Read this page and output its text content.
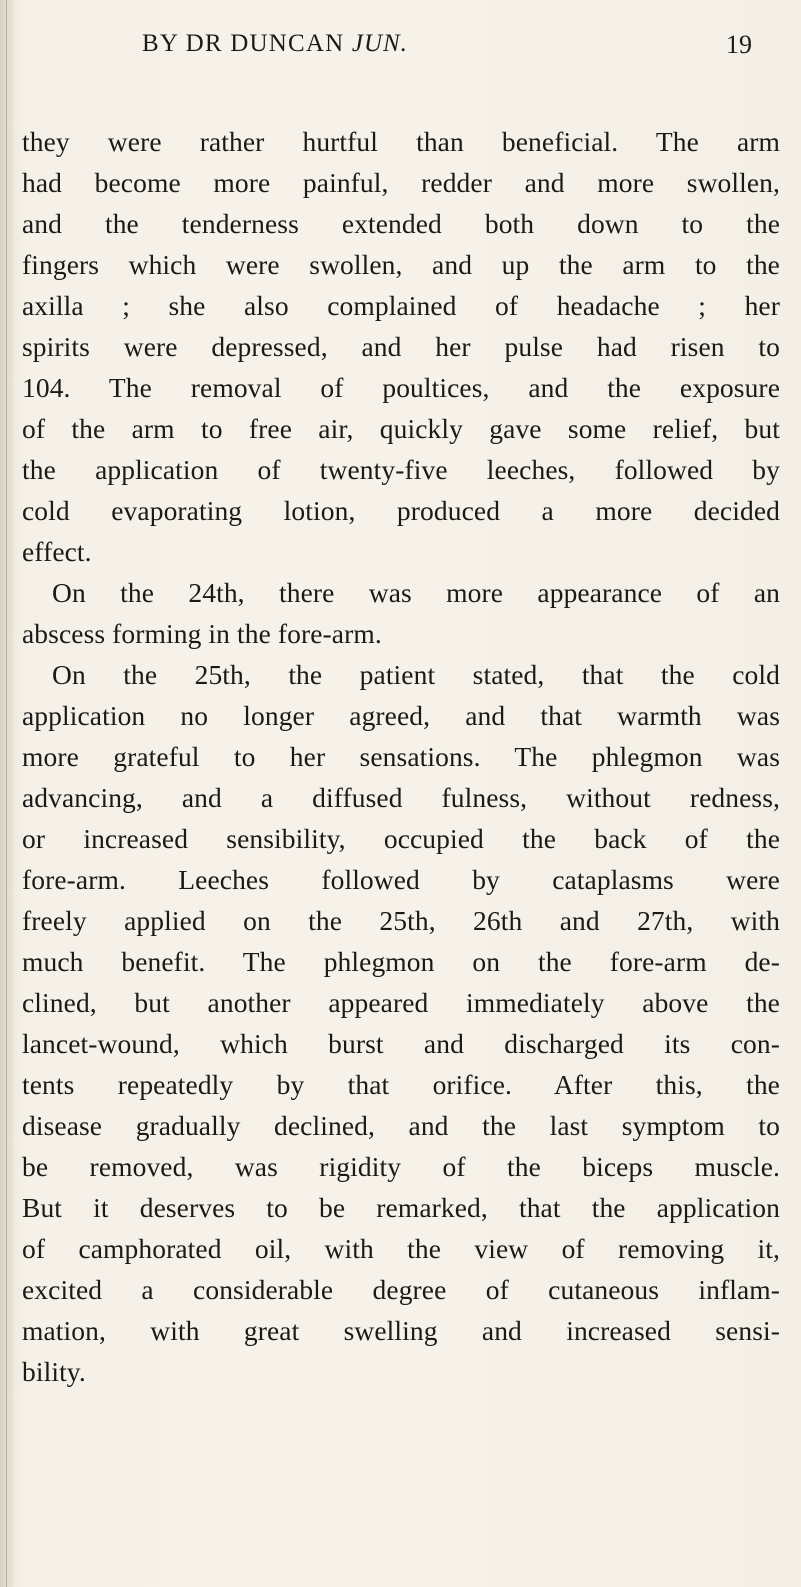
BY DR DUNCAN JUN.	19
they were rather hurtful than beneficial. The arm
had become more painful, redder and more swollen,
and the tenderness extended both down to the
fingers which were swollen, and up the arm to the
axilla ; she also complained of headache ; her
spirits were depressed, and her pulse had risen to
104. The removal of poultices, and the exposure
of the arm to free air, quickly gave some relief, but
the application of twenty-five leeches, followed by
cold evaporating lotion, produced a more decided
effect.
On the 24th, there was more appearance of an
abscess forming in the fore-arm.
On the 25th, the patient stated, that the cold
application no longer agreed, and that warmth was
more grateful to her sensations. The phlegmon was
advancing, and a diffused fulness, without redness,
or increased sensibility, occupied the back of the
fore-arm. Leeches followed by cataplasms were
freely applied on the 25th, 26th and 27th, with
much benefit. The phlegmon on the fore-arm de-
clined, but another appeared immediately above the
lancet-wound, which burst and discharged its con-
tents repeatedly by that orifice. After this, the
disease gradually declined, and the last symptom to
be removed, was rigidity of the biceps muscle.
But it deserves to be remarked, that the application
of camphorated oil, with the view of removing it,
excited a considerable degree of cutaneous inflam-
mation, with great swelling and increased sensi-
bility.
